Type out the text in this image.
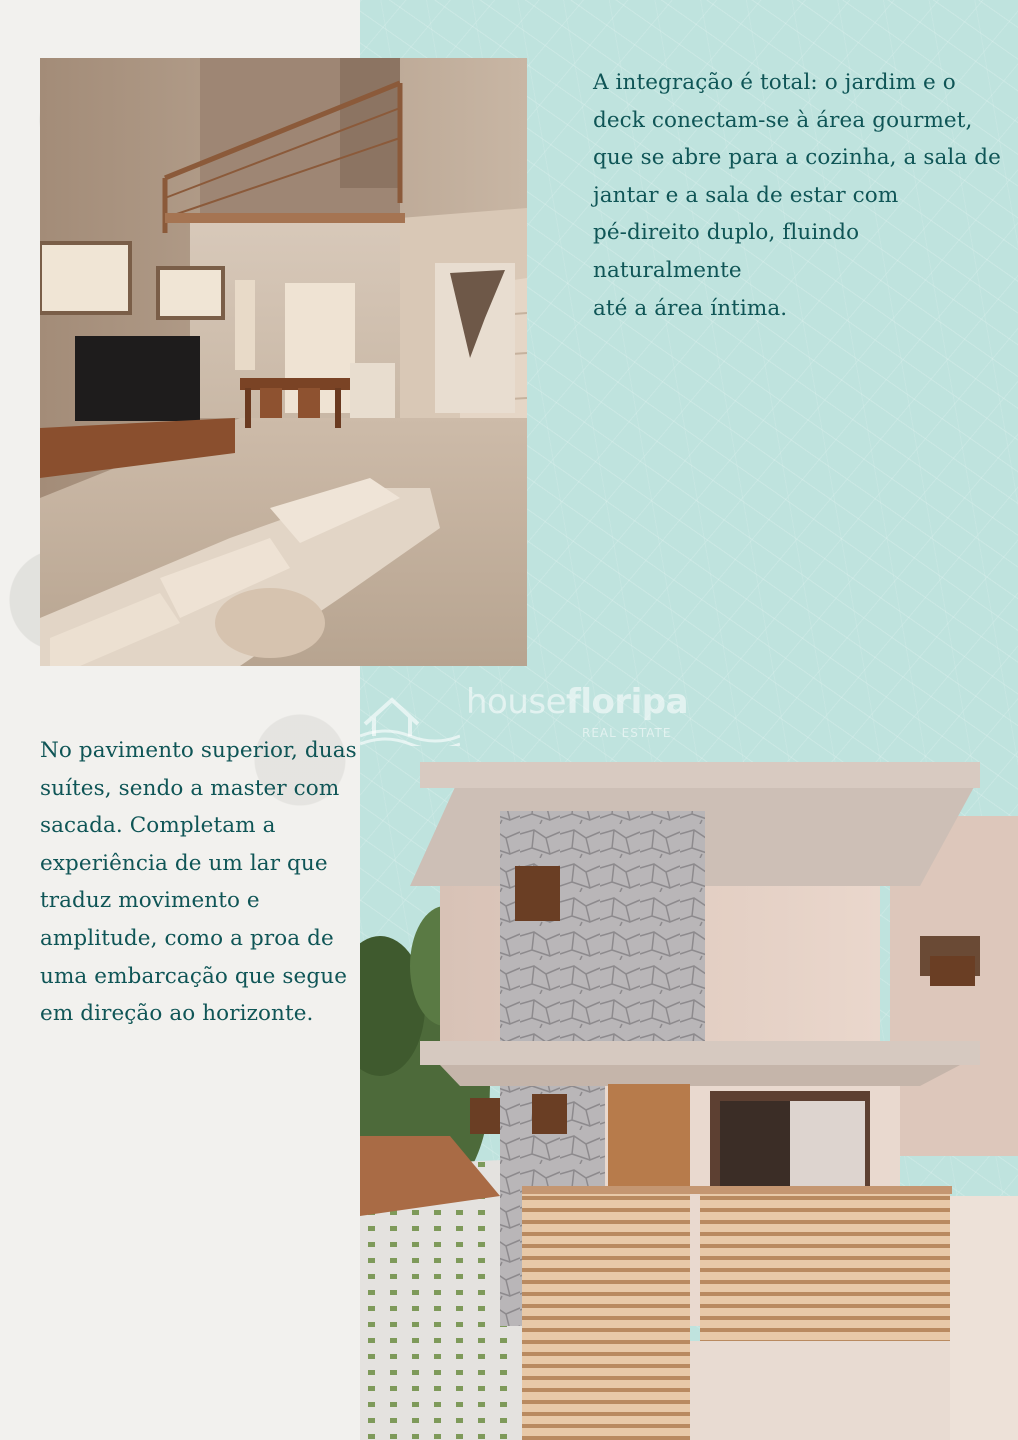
housefloripa
REAL ESTATE
A integração é total: o jardim e o
deck conectam-se à área gourmet,
que se abre para a cozinha, a sala de
jantar e a sala de estar com
pé-direito duplo, fluindo
naturalmente
até a área íntima.
No pavimento superior, duas
suítes, sendo a master com
sacada. Completam a
experiência de um lar que
traduz movimento e
amplitude, como a proa de
uma embarcação que segue
em direção ao horizonte.
